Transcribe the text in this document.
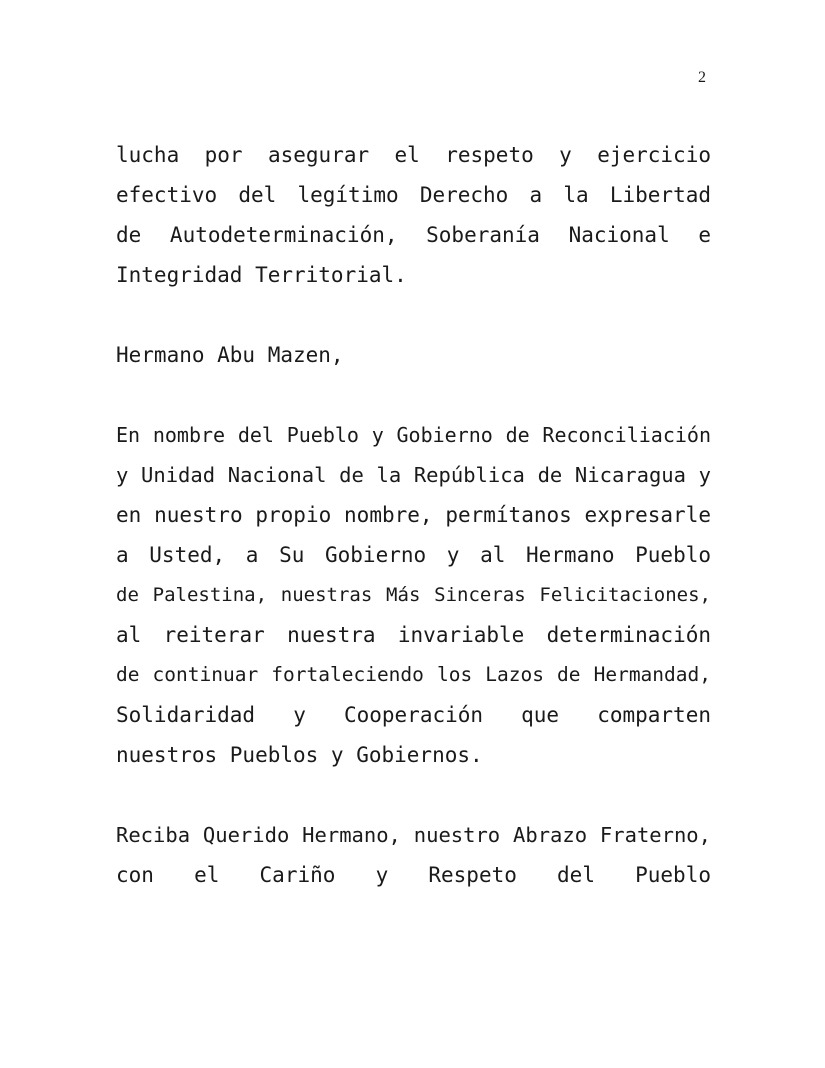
2
lucha por asegurar el respeto y ejercicio
efectivo del legítimo Derecho a la Libertad
de Autodeterminación, Soberanía Nacional e
Integridad Territorial.
Hermano Abu Mazen,
En nombre del Pueblo y Gobierno de Reconciliación
y Unidad Nacional de la República de Nicaragua y
en nuestro propio nombre, permítanos expresarle
a Usted, a Su Gobierno y al Hermano Pueblo
de Palestina, nuestras Más Sinceras Felicitaciones,
al reiterar nuestra invariable determinación
de continuar fortaleciendo los Lazos de Hermandad,
Solidaridad y Cooperación que comparten
nuestros Pueblos y Gobiernos.
Reciba Querido Hermano, nuestro Abrazo Fraterno,
con el Cariño y Respeto del Pueblo
